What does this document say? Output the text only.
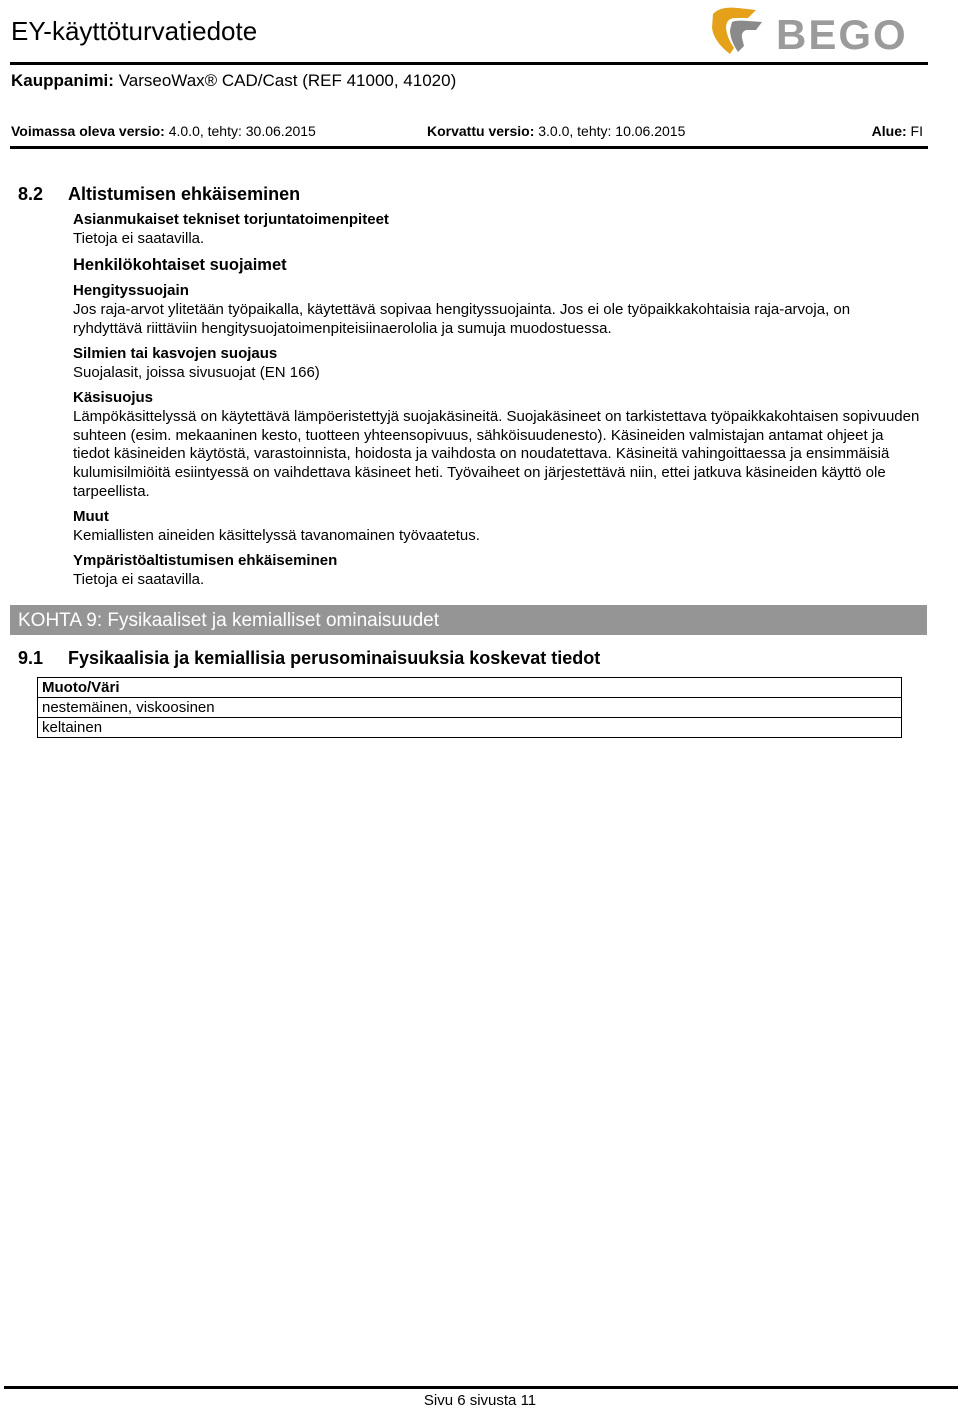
EY-käyttöturvatiedote	BEGO
Kauppanimi: VarseoWax® CAD/Cast (REF 41000, 41020)
Voimassa oleva versio: 4.0.0, tehty: 30.06.2015	Korvattu versio: 3.0.0, tehty: 10.06.2015	Alue: FI
8.2 Altistumisen ehkäiseminen
Asianmukaiset tekniset torjuntatoimenpiteet
Tietoja ei saatavilla.
Henkilökohtaiset suojaimet
Hengityssuojain
Jos raja-arvot ylitetään työpaikalla, käytettävä sopivaa hengityssuojainta. Jos ei ole työpaikkakohtaisia raja-arvoja, on ryhdyttävä riittäviin hengitysuojatoimenpiteisiinaerololia ja sumuja muodostuessa.
Silmien tai kasvojen suojaus
Suojalasit, joissa sivusuojat (EN 166)
Käsisuojus
Lämpökäsittelyssä on käytettävä lämpöeristettyjä suojakäsineitä. Suojakäsineet on tarkistettava työpaikkakohtaisen sopivuuden suhteen (esim. mekaaninen kesto, tuotteen yhteensopivuus, sähköisuudenesto). Käsineiden valmistajan antamat ohjeet ja tiedot käsineiden käytöstä, varastoinnista, hoidosta ja vaihdosta on noudatettava. Käsineitä vahingoittaessa ja ensimmäisiä kulumisilmiöitä esiintyessä on vaihdettava käsineet heti. Työvaiheet on järjestettävä niin, ettei jatkuva käsineiden käyttö ole tarpeellista.
Muut
Kemiallisten aineiden käsittelyssä tavanomainen työvaatetus.
Ympäristöaltistumisen ehkäiseminen
Tietoja ei saatavilla.
KOHTA 9: Fysikaaliset ja kemialliset ominaisuudet
9.1 Fysikaalisia ja kemiallisia perusominaisuuksia koskevat tiedot
Muoto/Väri
nestemäinen, viskoosinen
keltainen
Sivu 6 sivusta 11
